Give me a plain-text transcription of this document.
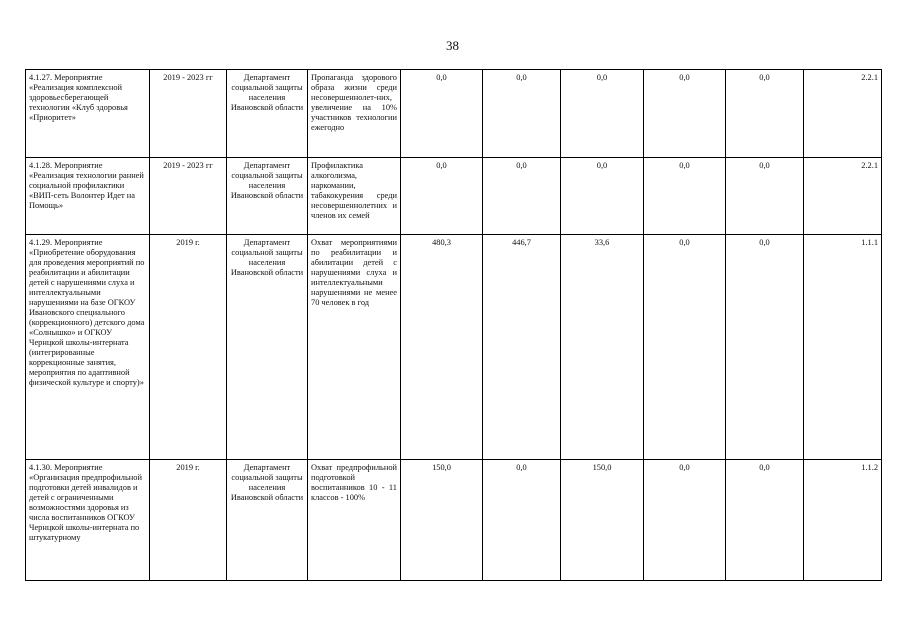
38
4.1.27. Мероприятие «Реализация комплексной здоровьесберегающей технологии «Клуб здоровья «Приоритет»	2019 - 2023 гг	Департамент социальной защиты населения Ивановской области	Пропаганда здорового образа жизни среди несовершеннолет-них, увеличение на 10% участников технологии ежегодно	0,0	0,0	0,0	0,0	0,0	2.2.1
4.1.28. Мероприятие «Реализация технологии ранней социальной профилактики «ВИП-сеть Волонтер Идет на Помощь»	2019 - 2023 гг	Департамент социальной защиты населения Ивановской области	Профилактика алкоголизма, наркомании, табакокурения среди несовершеннолетних и членов их семей	0,0	0,0	0,0	0,0	0,0	2.2.1
4.1.29. Мероприятие «Приобретение оборудования для проведения мероприятий по реабилитации и абилитации детей с нарушениями слуха и интеллектуальными нарушениями на базе ОГКОУ Ивановского специального (коррекционного) детского дома «Солнышко» и ОГКОУ Чернцкой школы-интерната (интегрированные коррекционные занятия, мероприятия по адаптивной физической культуре и спорту)»	2019 г.	Департамент социальной защиты населения Ивановской области	Охват мероприятиями по реабилитации и абилитации детей с нарушениями слуха и интеллектуальными нарушениями не менее 70 человек в год	480,3	446,7	33,6	0,0	0,0	1.1.1
4.1.30. Мероприятие «Организация предпрофильной подготовки детей инвалидов и детей с ограниченными возможностями здоровья из числа воспитанников ОГКОУ Чернцкой школы-интерната по штукатурному	2019 г.	Департамент социальной защиты населения Ивановской области	Охват предпрофильной подготовкой воспитанников 10 - 11 классов - 100%	150,0	0,0	150,0	0,0	0,0	1.1.2
